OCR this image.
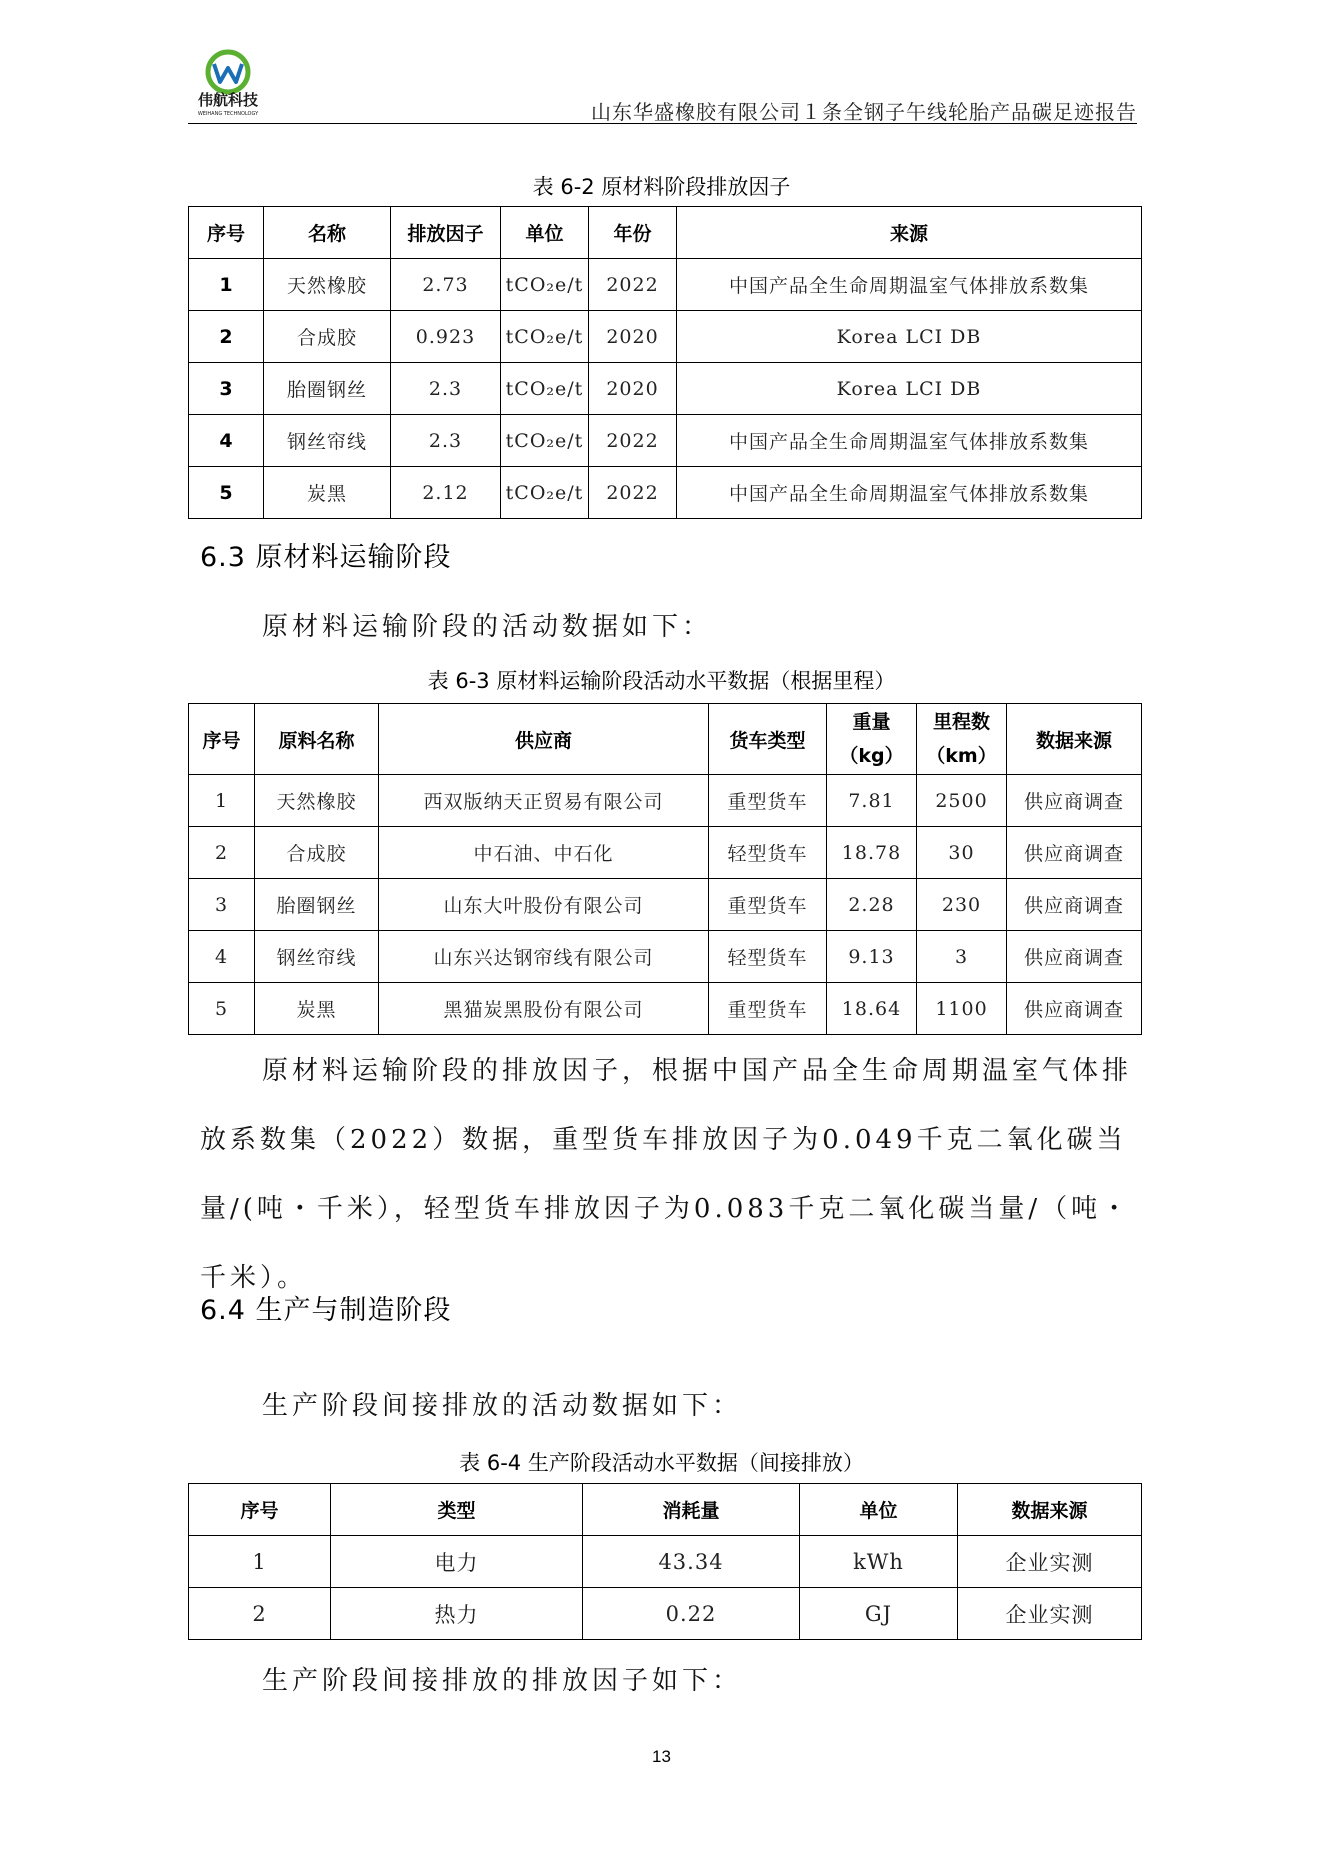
伟航科技
WEIHANG TECHNOLOGY	山东华盛橡胶有限公司１条全钢子午线轮胎产品碳足迹报告
表 6-2 原材料阶段排放因子
序号	名称	排放因子	单位	年份	来源
1	天然橡胶	2.73	tCO₂e/t	2022	中国产品全生命周期温室气体排放系数集
2	合成胶	0.923	tCO₂e/t	2020	Korea LCI DB
3	胎圈钢丝	2.3	tCO₂e/t	2020	Korea LCI DB
4	钢丝帘线	2.3	tCO₂e/t	2022	中国产品全生命周期温室气体排放系数集
5	炭黑	2.12	tCO₂e/t	2022	中国产品全生命周期温室气体排放系数集
6.3 原材料运输阶段
原材料运输阶段的活动数据如下：
表 6-3 原材料运输阶段活动水平数据（根据里程）
序号	原料名称	供应商	货车类型	重量（kg）	里程数（km）	数据来源
1	天然橡胶	西双版纳天正贸易有限公司	重型货车	7.81	2500	供应商调查
2	合成胶	中石油、中石化	轻型货车	18.78	30	供应商调查
3	胎圈钢丝	山东大叶股份有限公司	重型货车	2.28	230	供应商调查
4	钢丝帘线	山东兴达钢帘线有限公司	轻型货车	9.13	3	供应商调查
5	炭黑	黑猫炭黑股份有限公司	重型货车	18.64	1100	供应商调查
原材料运输阶段的排放因子，根据中国产品全生命周期温室气体排放系数集（2022）数据，重型货车排放因子为0.049千克二氧化碳当量/(吨・千米），轻型货车排放因子为0.083千克二氧化碳当量/（吨・千米）。
6.4 生产与制造阶段
生产阶段间接排放的活动数据如下：
表 6-4 生产阶段活动水平数据（间接排放）
序号	类型	消耗量	单位	数据来源
1	电力	43.34	kWh	企业实测
2	热力	0.22	GJ	企业实测
生产阶段间接排放的排放因子如下：
13
